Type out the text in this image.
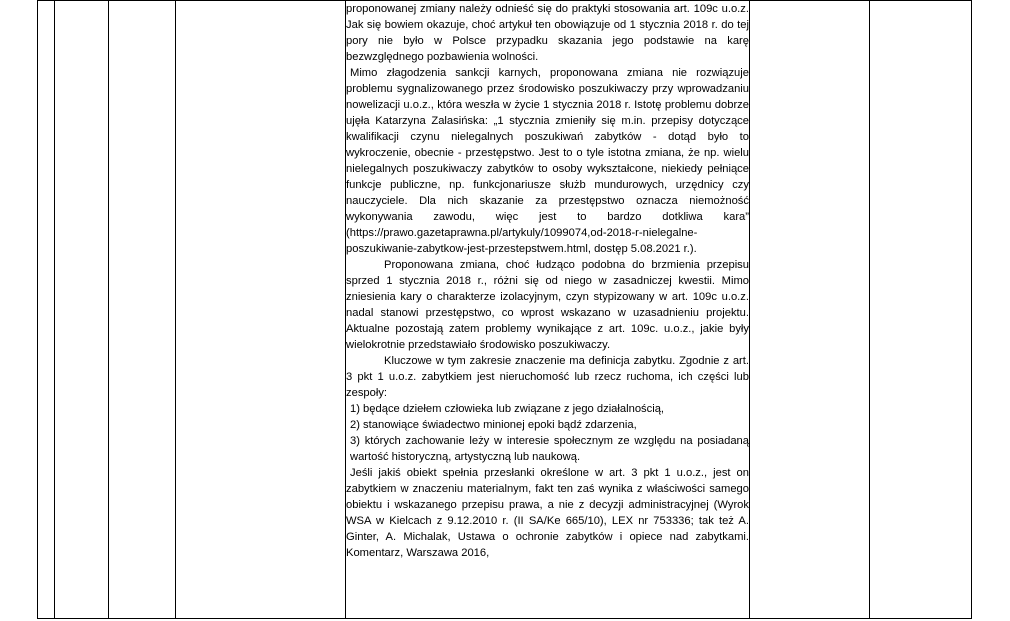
proponowanej zmiany należy odnieść się do praktyki stosowania art. 109c u.o.z. Jak się bowiem okazuje, choć artykuł ten obowiązuje od 1 stycznia 2018 r. do tej pory nie było w Polsce przypadku skazania jego podstawie na karę bezwzględnego pozbawienia wolności.

Mimo złagodzenia sankcji karnych, proponowana zmiana nie rozwiązuje problemu sygnalizowanego przez środowisko poszukiwaczy przy wprowadzaniu nowelizacji u.o.z., która weszła w życie 1 stycznia 2018 r. Istotę problemu dobrze ujęła Katarzyna Zalasińska: „1 stycznia zmieniły się m.in. przepisy dotyczące kwalifikacji czynu nielegalnych poszukiwań zabytków - dotąd było to wykroczenie, obecnie - przestępstwo. Jest to o tyle istotna zmiana, że np. wielu nielegalnych poszukiwaczy zabytków to osoby wykształcone, niekiedy pełniące funkcje publiczne, np. funkcjonariusze służb mundurowych, urzędnicy czy nauczyciele. Dla nich skazanie za przestępstwo oznacza niemożność wykonywania zawodu, więc jest to bardzo dotkliwa kara” (https://prawo.gazetaprawna.pl/artykuly/1099074,od-2018-r-nielegalne-poszukiwanie-zabytkow-jest-przestepstwem.html, dostęp 5.08.2021 r.).

Proponowana zmiana, choć łudząco podobna do brzmienia przepisu sprzed 1 stycznia 2018 r., różni się od niego w zasadniczej kwestii. Mimo zniesienia kary o charakterze izolacyjnym, czyn stypizowany w art. 109c u.o.z. nadal stanowi przestępstwo, co wprost wskazano w uzasadnieniu projektu. Aktualne pozostają zatem problemy wynikające z art. 109c. u.o.z., jakie były wielokrotnie przedstawiało środowisko poszukiwaczy.

Kluczowe w tym zakresie znaczenie ma definicja zabytku. Zgodnie z art. 3 pkt 1 u.o.z. zabytkiem jest nieruchomość lub rzecz ruchoma, ich części lub zespoły:

1) będące dziełem człowieka lub związane z jego działalnością,

2) stanowiące świadectwo minionej epoki bądź zdarzenia,

3) których zachowanie leży w interesie społecznym ze względu na posiadaną wartość historyczną, artystyczną lub naukową.

Jeśli jakiś obiekt spełnia przesłanki określone w art. 3 pkt 1 u.o.z., jest on zabytkiem w znaczeniu materialnym, fakt ten zaś wynika z właściwości samego obiektu i wskazanego przepisu prawa, a nie z decyzji administracyjnej (Wyrok WSA w Kielcach z 9.12.2010 r. (II SA/Ke 665/10), LEX nr 753336; tak też A. Ginter, A. Michalak, Ustawa o ochronie zabytków i opiece nad zabytkami. Komentarz, Warszawa 2016,
